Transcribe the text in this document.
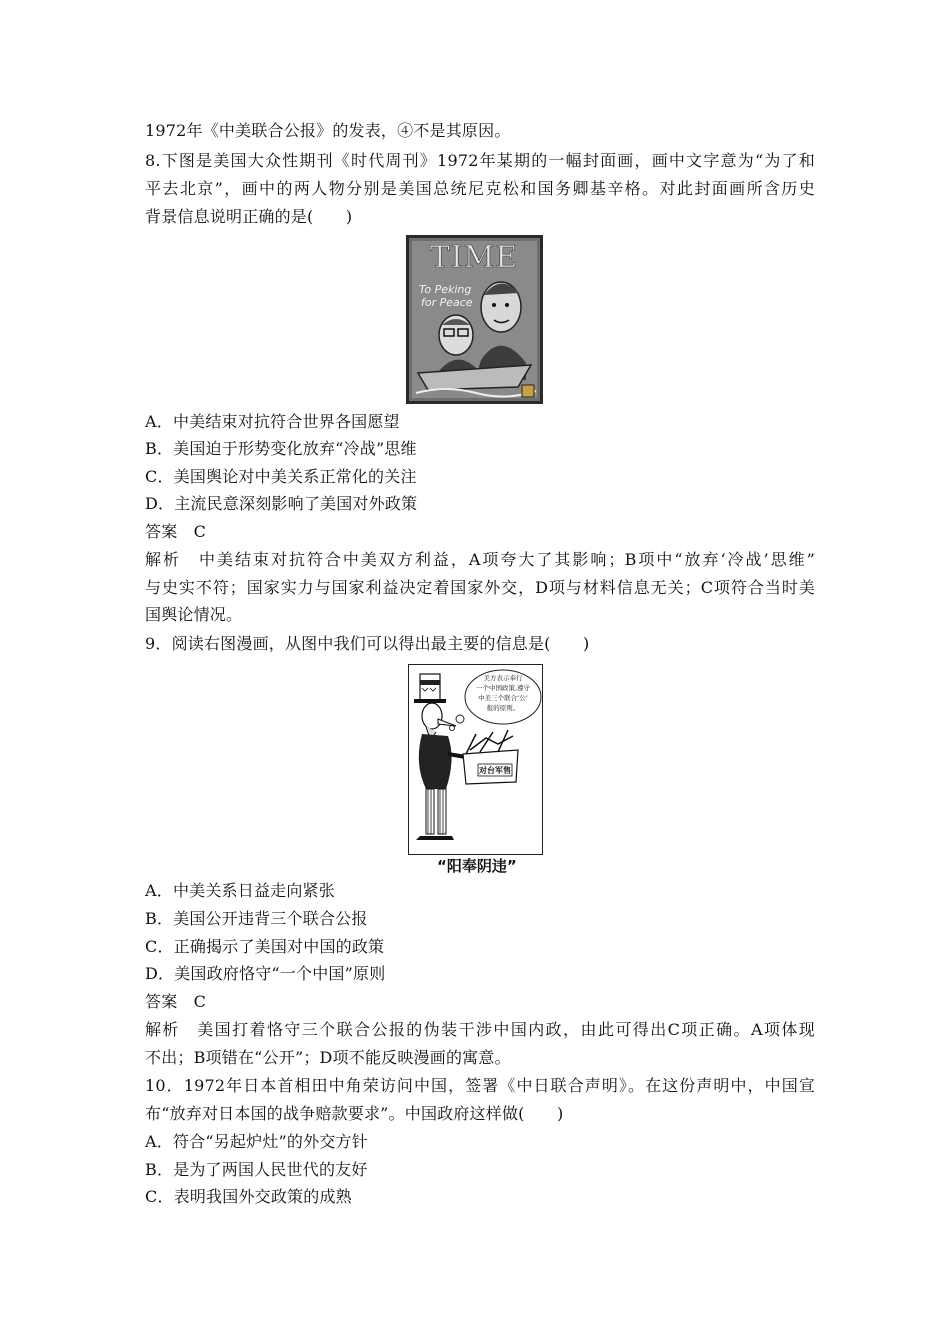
1972年《中美联合公报》的发表，④不是其原因。
8.下图是美国大众性期刊《时代周刊》1972年某期的一幅封面画，画中文字意为“为了和
平去北京”，画中的两人物分别是美国总统尼克松和国务卿基辛格。对此封面画所含历史
背景信息说明正确的是(　　)
TIME
To Peking
for Peace
A．中美结束对抗符合世界各国愿望
B．美国迫于形势变化放弃“冷战”思维
C．美国舆论对中美关系正常化的关注
D．主流民意深刻影响了美国对外政策
答案　C
解析　中美结束对抗符合中美双方利益，A项夸大了其影响；B项中“放弃‘冷战’思维”
与史实不符；国家实力与国家利益决定着国家外交，D项与材料信息无关；C项符合当时美
国舆论情况。
9．阅读右图漫画，从图中我们可以得出最主要的信息是(　　)
美方表示奉行
一个中国政策,遵守
中美三个联合‘公’
报的原则。
对台军售
“阳奉阴违”
A．中美关系日益走向紧张
B．美国公开违背三个联合公报
C．正确揭示了美国对中国的政策
D．美国政府恪守“一个中国”原则
答案　C
解析　美国打着恪守三个联合公报的伪装干涉中国内政，由此可得出C项正确。A项体现
不出；B项错在“公开”；D项不能反映漫画的寓意。
10．1972年日本首相田中角荣访问中国，签署《中日联合声明》。在这份声明中，中国宣
布“放弃对日本国的战争赔款要求”。中国政府这样做(　　)
A．符合“另起炉灶”的外交方针
B．是为了两国人民世代的友好
C．表明我国外交政策的成熟
